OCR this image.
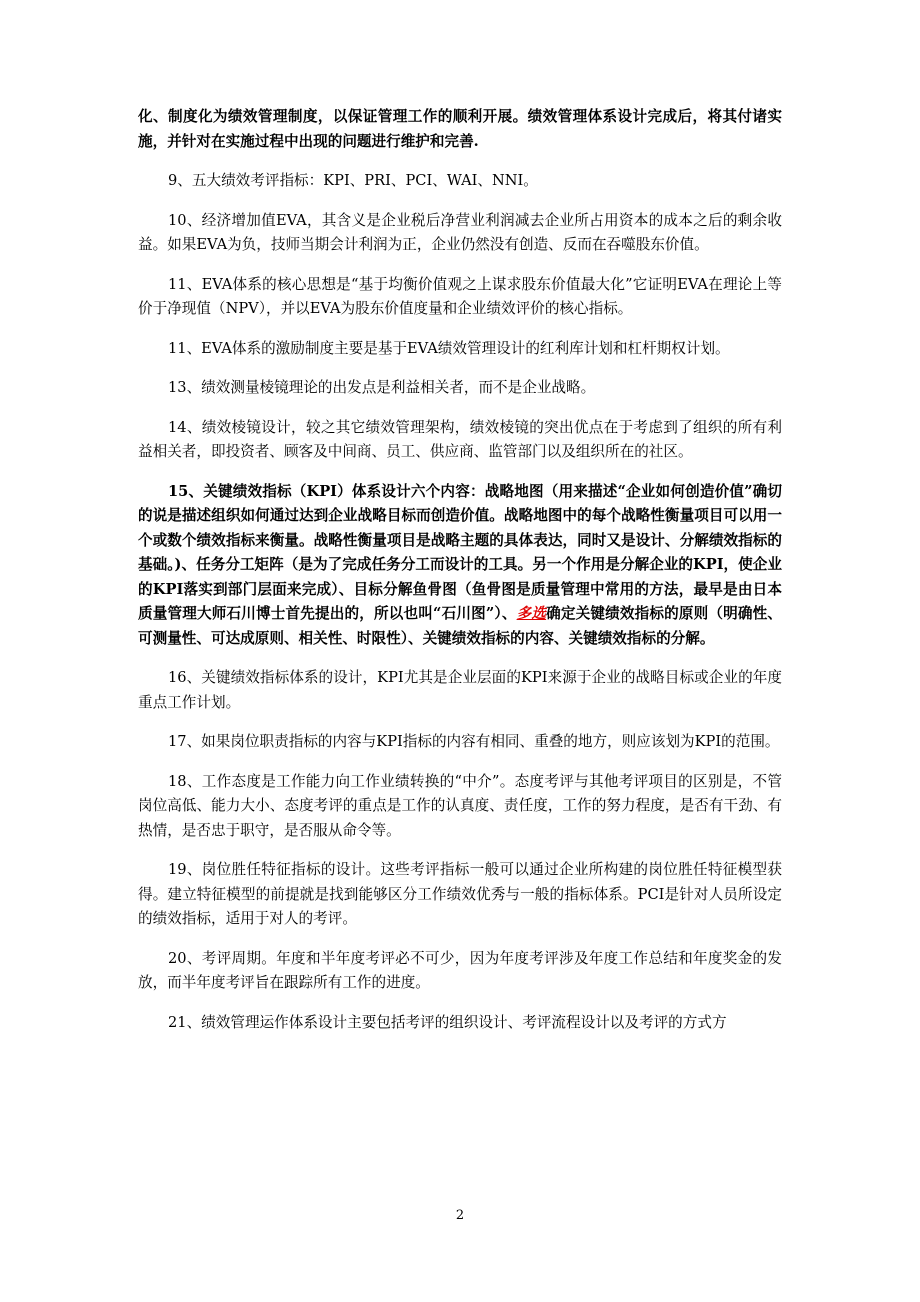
化、制度化为绩效管理制度，以保证管理工作的顺利开展。绩效管理体系设计完成后，将其付诸实施，并针对在实施过程中出现的问题进行维护和完善.

9、五大绩效考评指标：KPI、PRI、PCI、WAI、NNI。

10、经济增加值EVA，其含义是企业税后净营业利润减去企业所占用资本的成本之后的剩余收益。如果EVA为负，技师当期会计利润为正，企业仍然没有创造、反而在吞噬股东价值。

11、EVA体系的核心思想是“基于均衡价值观之上谋求股东价值最大化”它证明EVA在理论上等价于净现值（NPV），并以EVA为股东价值度量和企业绩效评价的核心指标。

11、EVA体系的激励制度主要是基于EVA绩效管理设计的红利库计划和杠杆期权计划。

13、绩效测量棱镜理论的出发点是利益相关者，而不是企业战略。

14、绩效棱镜设计，较之其它绩效管理架构，绩效棱镜的突出优点在于考虑到了组织的所有利益相关者，即投资者、顾客及中间商、员工、供应商、监管部门以及组织所在的社区。

15、关键绩效指标（KPI）体系设计六个内容：战略地图（用来描述“企业如何创造价值”确切的说是描述组织如何通过达到企业战略目标而创造价值。战略地图中的每个战略性衡量项目可以用一个或数个绩效指标来衡量。战略性衡量项目是战略主题的具体表达，同时又是设计、分解绩效指标的基础。)、任务分工矩阵（是为了完成任务分工而设计的工具。另一个作用是分解企业的KPI，使企业的KPI落实到部门层面来完成）、目标分解鱼骨图（鱼骨图是质量管理中常用的方法，最早是由日本质量管理大师石川博士首先提出的，所以也叫“石川图”）、多选确定关键绩效指标的原则（明确性、可测量性、可达成原则、相关性、时限性）、关键绩效指标的内容、关键绩效指标的分解。

16、关键绩效指标体系的设计，KPI尤其是企业层面的KPI来源于企业的战略目标或企业的年度重点工作计划。

17、如果岗位职责指标的内容与KPI指标的内容有相同、重叠的地方，则应该划为KPI的范围。

18、工作态度是工作能力向工作业绩转换的“中介”。态度考评与其他考评项目的区别是，不管岗位高低、能力大小、态度考评的重点是工作的认真度、责任度，工作的努力程度，是否有干劲、有热情，是否忠于职守，是否服从命令等。

19、岗位胜任特征指标的设计。这些考评指标一般可以通过企业所构建的岗位胜任特征模型获得。建立特征模型的前提就是找到能够区分工作绩效优秀与一般的指标体系。PCI是针对人员所设定的绩效指标，适用于对人的考评。

20、考评周期。年度和半年度考评必不可少，因为年度考评涉及年度工作总结和年度奖金的发放，而半年度考评旨在跟踪所有工作的进度。

21、绩效管理运作体系设计主要包括考评的组织设计、考评流程设计以及考评的方式方

2
